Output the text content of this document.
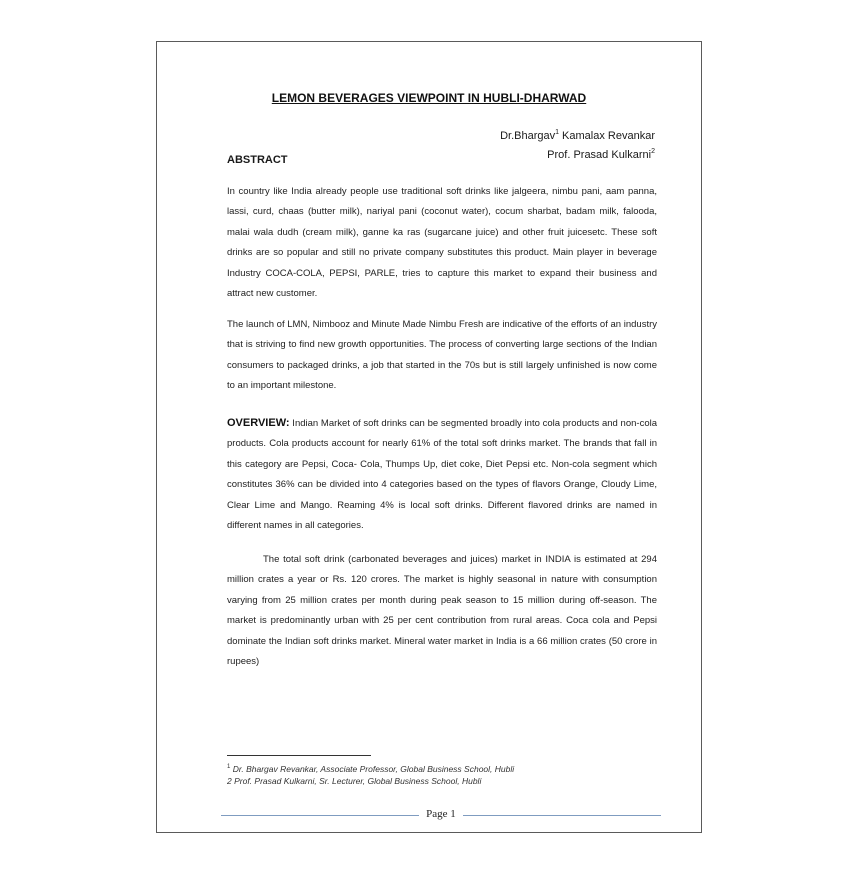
LEMON BEVERAGES VIEWPOINT IN HUBLI-DHARWAD
Dr.Bhargav$^1$ Kamalax Revankar
Prof. Prasad Kulkarni$^2$
ABSTRACT
In country like India already people use traditional soft drinks like jalgeera, nimbu pani, aam panna, lassi, curd, chaas (butter milk), nariyal pani (coconut water), cocum sharbat, badam milk, falooda, malai wala dudh (cream milk), ganne ka ras (sugarcane juice) and other fruit juicesetc. These soft drinks are so popular and still no private company substitutes this product. Main player in beverage Industry COCA-COLA, PEPSI, PARLE, tries to capture this market to expand their business and attract new customer.
The launch of LMN, Nimbooz and Minute Made Nimbu Fresh are indicative of the efforts of an industry that is striving to find new growth opportunities. The process of converting large sections of the Indian consumers to packaged drinks, a job that started in the 70s but is still largely unfinished is now come to an important milestone.
OVERVIEW: Indian Market of soft drinks can be segmented broadly into cola products and non-cola products. Cola products account for nearly 61% of the total soft drinks market. The brands that fall in this category are Pepsi, Coca- Cola, Thumps Up, diet coke, Diet Pepsi etc. Non-cola segment which constitutes 36% can be divided into 4 categories based on the types of flavors Orange, Cloudy Lime, Clear Lime and Mango. Reaming 4% is local soft drinks. Different flavored drinks are named in different names in all categories.
The total soft drink (carbonated beverages and juices) market in INDIA is estimated at 294 million crates a year or Rs. 120 crores. The market is highly seasonal in nature with consumption varying from 25 million crates per month during peak season to 15 million during off-season. The market is predominantly urban with 25 per cent contribution from rural areas. Coca cola and Pepsi dominate the Indian soft drinks market. Mineral water market in India is a 66 million crates (50 crore in rupees)
$^1$ Dr. Bhargav Revankar, Associate Professor, Global Business School, Hubli
2 Prof. Prasad Kulkarni, Sr. Lecturer, Global Business School, Hubli
Page 1
